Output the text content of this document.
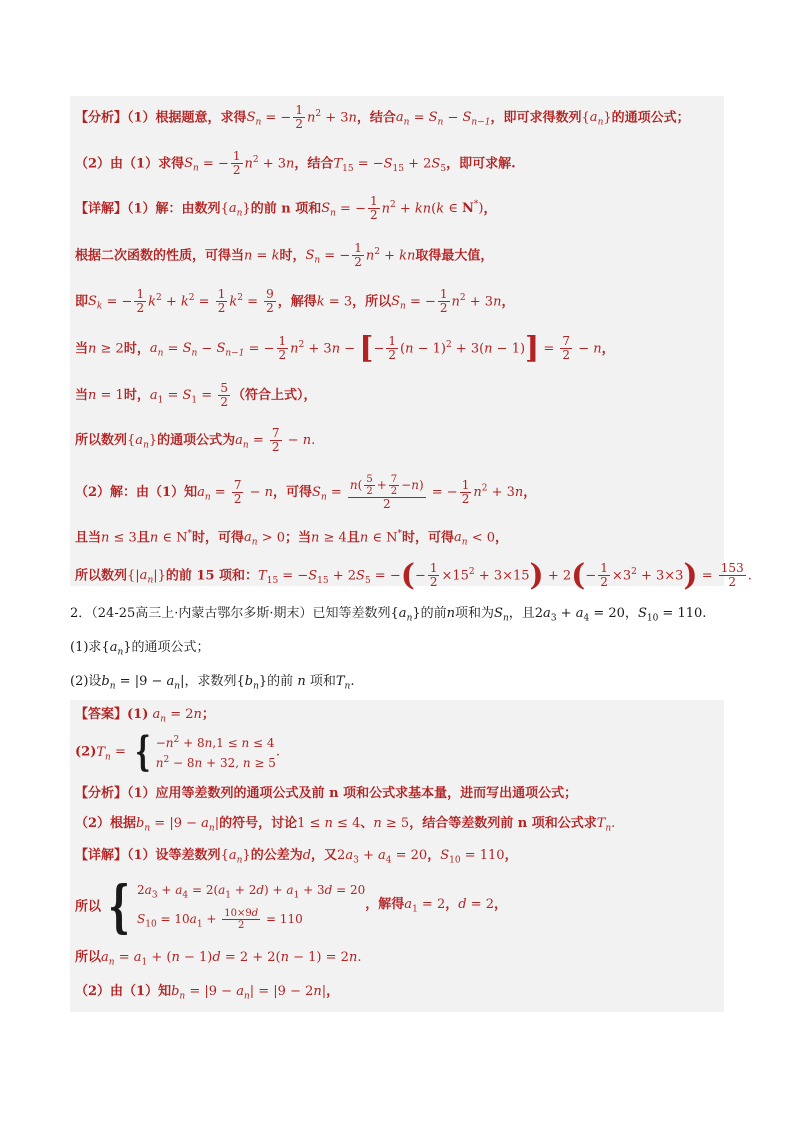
【分析】（1）根据题意，求得$S_n$ = − $\frac{1}{2} n^2 + 3n$，结合$a_n = S_n - S_{n-1}$，即可求得数列$\{a_n\}$的通项公式；
（2）由（1）求得$S_n$ = − $\frac{1}{2} n^2 + 3n$，结合$T_{15} = -S_{15} + 2S_5$，即可求解.
【详解】（1）解：由数列$\{a_n\}$的前 n 项和$S_n$ = − $\frac{1}{2} n^2 + kn(k$ ∈ N*)，
根据二次函数的性质，可得当n = k时，$S_n$ = − $\frac{1}{2} n^2$ + kn取得最大值，
即$S_k$ = − $\frac{1}{2} k^2 + k^2 = \frac{1}{2} k^2 = \frac{9}{2}$ ，解得k = 3，所以$S_n$ = − $\frac{1}{2} n^2 + 3n$，
当n ≥ 2时，$a_n = S_n - S_{n-1}$ = − $\frac{1}{2} n^2 + 3n$ − [− $\frac{1}{2} (n - 1)^2 + 3(n - 1)] = \frac{7}{2} - n$，
当n = 1时，$a_1 = S_1 = \frac{5}{2}$ （符合上式），
所以数列$\{a_n\}$的通项公式为$a_n = \frac{7}{2} - n$.
（2）解：由（1）知$a_n = \frac{7}{2} - n$，可得$S_n = \frac{n( \frac{5}{2} + \frac{7}{2} -n)}{2}$ = − $\frac{1}{2} n^2 + 3n$，
且当n ≤ 3且n ∈ N*时，可得$a_n > 0$；当n ≥ 4且n ∈ N*时，可得$a_n < 0$，
所以数列$\{|a_n|\}$的前 15 项和：$T_{15} = -S_{15} + 2S_5$ = −(− $\frac{1}{2} \times 15^2 + 3\times 15) + 2(- \frac{1}{2} \times 3^2 + 3\times 3) = \frac{153}{2}$ .
2．（24-25高三上·内蒙古鄂尔多斯·期末）已知等差数列$\{a_n\}$的前n项和为$S_n$，且$2a_3 + a_4 = 20$，$S_{10} = 110$.
(1)求$\{a_n\}$的通项公式；
(2)设$b_n = |9 - a_n|$，求数列$\{b_n\}$的前 n 项和$T_n$.
【答案】(1) $a_n = 2n$；
$(2)T_n$ = { $-n^2 + 8n,1 \le n \le 4$
$n^2 - 8n + 32$, n ≥ 5
.
【分析】（1）应用等差数列的通项公式及前 n 项和公式求基本量，进而写出通项公式；
（2）根据$b_n = |9 - a_n|$的符号，讨论1 ≤ n ≤ 4、n ≥ 5，结合等差数列前 n 项和公式求$T_n$.
【详解】（1）设等差数列$\{a_n\}$的公差为d，又$2a_3 + a_4 = 20$，$S_{10} = 110$，
所以 { $2a_3 + a_4 = 2(a_1 + 2d) + a_1 + 3d = 20$
$S_{10} = 10a_1 + \frac{10\times 9d}{2} = 110$
，解得$a_1 = 2$，d = 2，
所以$a_n = a_1 + (n - 1)d = 2 + 2(n - 1) = 2n$.
（2）由（1）知$b_n = |9 - a_n| = |9 - 2n|$，
